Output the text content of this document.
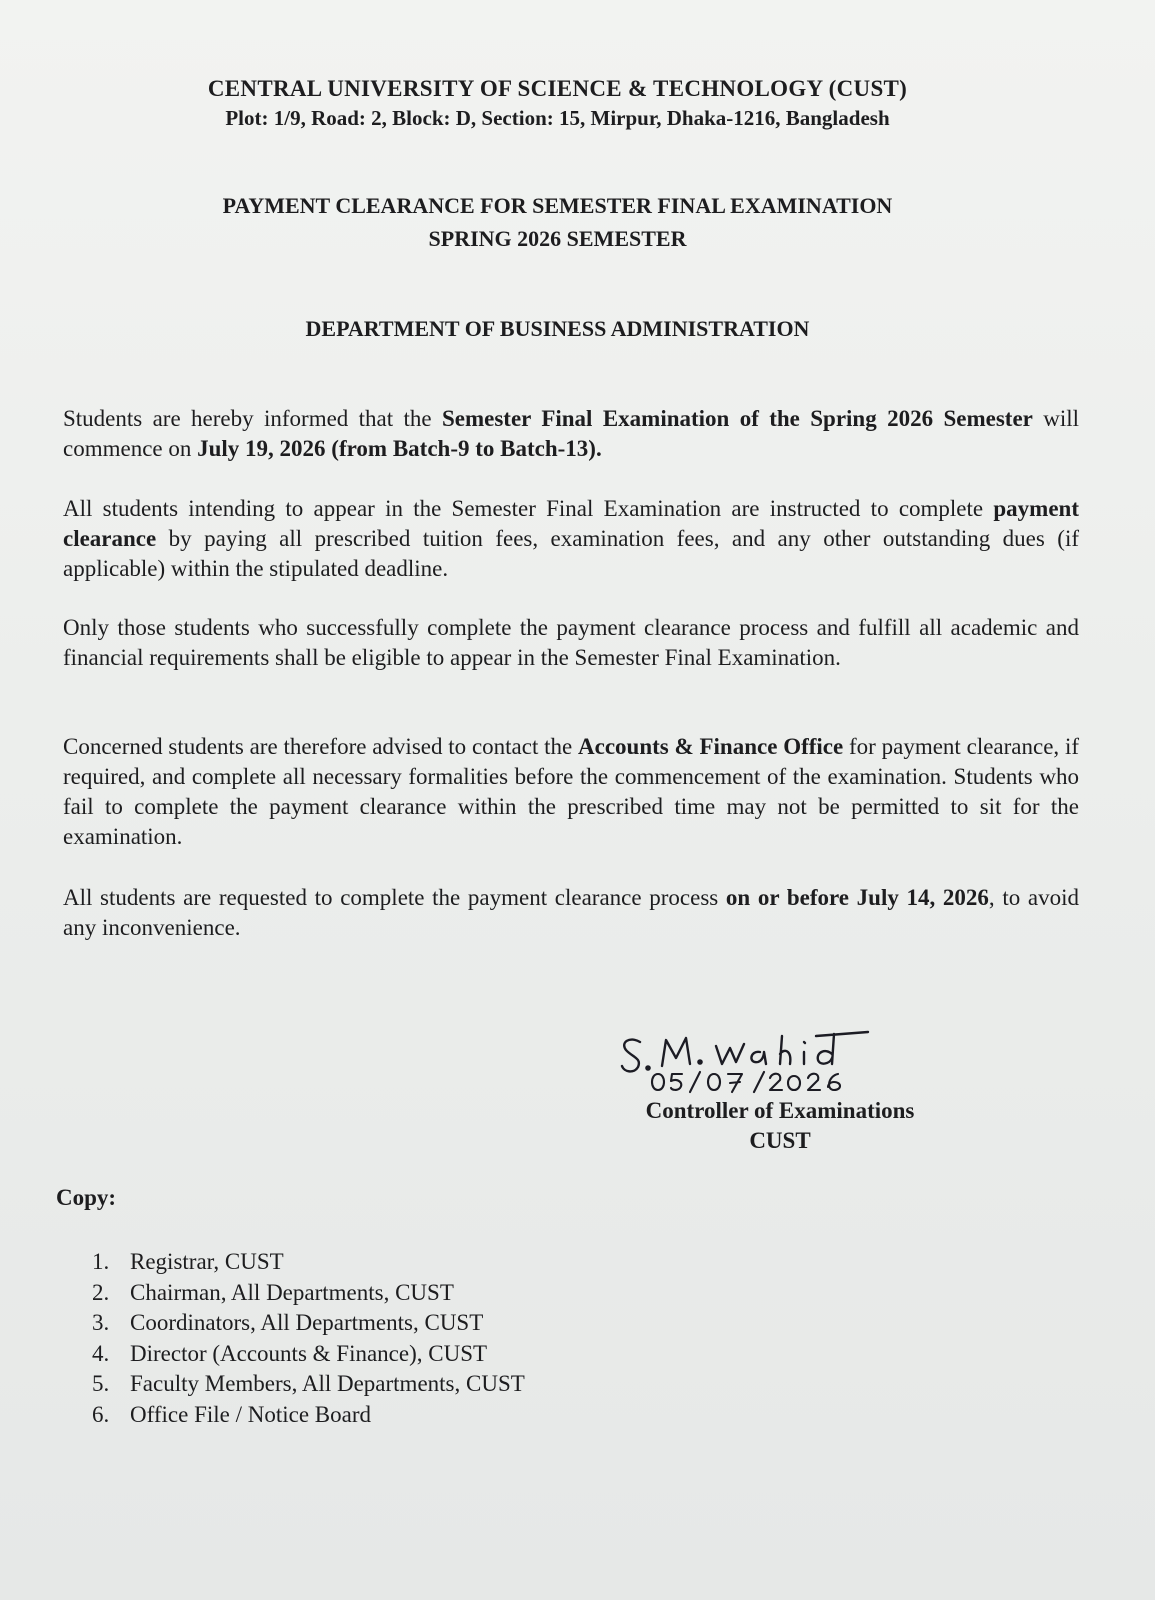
CENTRAL UNIVERSITY OF SCIENCE & TECHNOLOGY (CUST)
Plot: 1/9, Road: 2, Block: D, Section: 15, Mirpur, Dhaka-1216, Bangladesh
PAYMENT CLEARANCE FOR SEMESTER FINAL EXAMINATION
SPRING 2026 SEMESTER
DEPARTMENT OF BUSINESS ADMINISTRATION
Students are hereby informed that the Semester Final Examination of the Spring 2026 Semester will commence on July 19, 2026 (from Batch-9 to Batch-13).
All students intending to appear in the Semester Final Examination are instructed to complete payment clearance by paying all prescribed tuition fees, examination fees, and any other outstanding dues (if applicable) within the stipulated deadline.
Only those students who successfully complete the payment clearance process and fulfill all academic and financial requirements shall be eligible to appear in the Semester Final Examination.
Concerned students are therefore advised to contact the Accounts & Finance Office for payment clearance, if required, and complete all necessary formalities before the commencement of the examination. Students who fail to complete the payment clearance within the prescribed time may not be permitted to sit for the examination.
All students are requested to complete the payment clearance process on or before July 14, 2026, to avoid any inconvenience.
Controller of Examinations
CUST
Copy:
1. Registrar, CUST
2. Chairman, All Departments, CUST
3. Coordinators, All Departments, CUST
4. Director (Accounts & Finance), CUST
5. Faculty Members, All Departments, CUST
6. Office File / Notice Board
